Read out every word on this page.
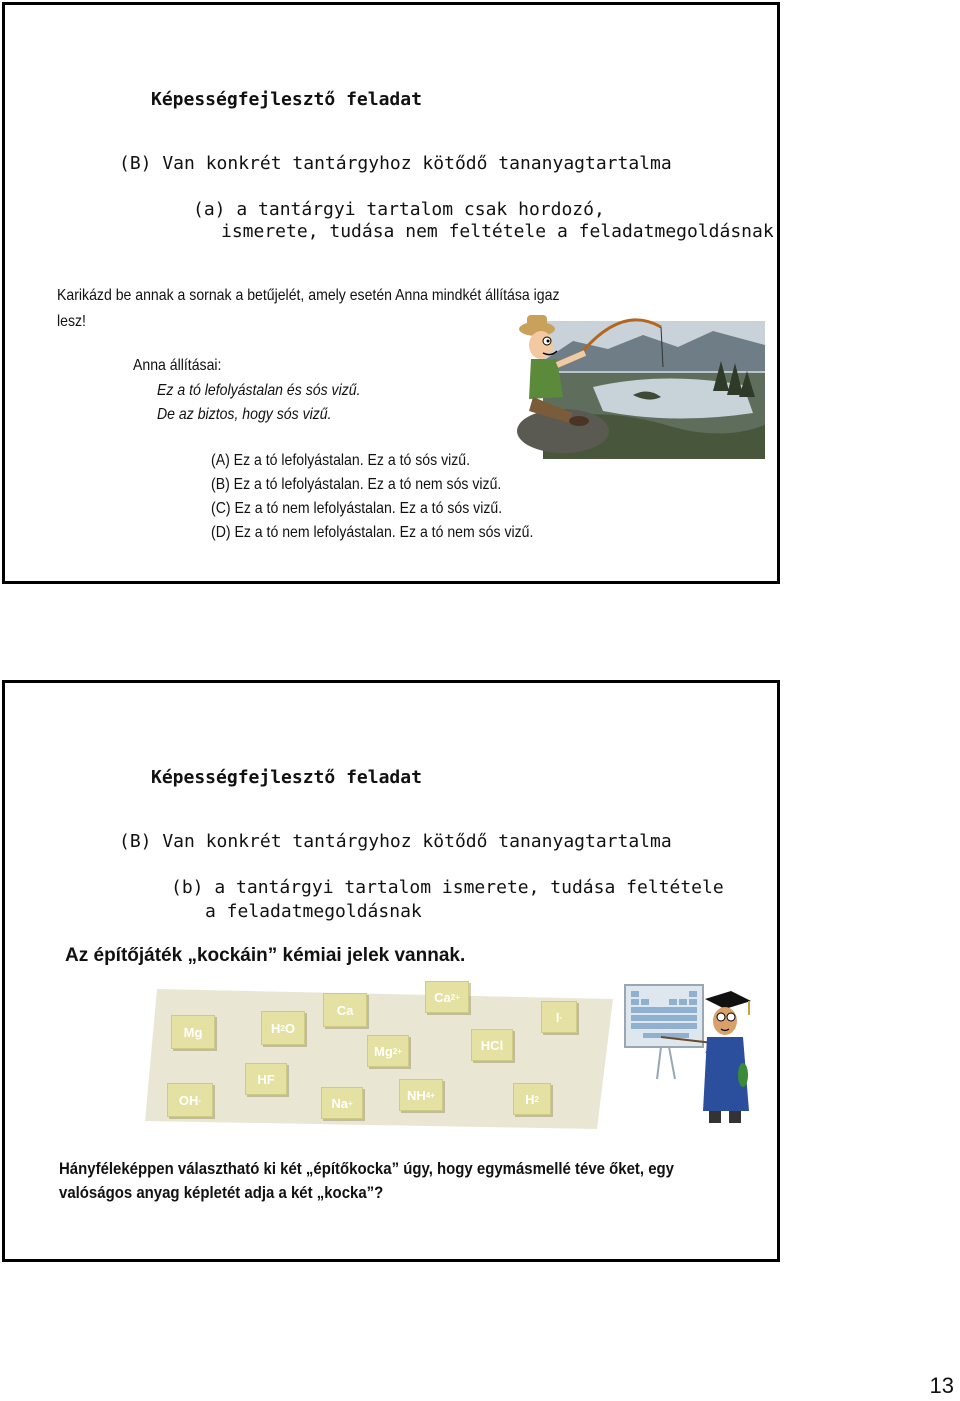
Képességfejlesztő feladat
(B) Van konkrét tantárgyhoz kötődő tananyagtartalma
(a) a tantárgyi tartalom csak hordozó,
ismerete, tudása nem feltétele a feladatmegoldásnak
Karikázd be annak a sornak a betűjelét, amely esetén Anna mindkét állítása igaz
lesz!
Anna állításai:
Ez a tó lefolyástalan és sós vizű.
De az biztos, hogy sós vizű.
(A) Ez a tó lefolyástalan. Ez a tó sós vizű.
(B) Ez a tó lefolyástalan. Ez a tó nem sós vizű.
(C) Ez a tó nem lefolyástalan. Ez a tó sós vizű.
(D) Ez a tó nem lefolyástalan. Ez a tó nem sós vizű.
Képességfejlesztő feladat
(B) Van konkrét tantárgyhoz kötődő tananyagtartalma
(b) a tantárgyi tartalom ismerete, tudása feltétele
a feladatmegoldásnak
Az építőjáték „kockáin” kémiai jelek vannak.
Mg	H 2 O
Ca
Ca 2+
Mg 2+	HCl
I -
HF
OH -	Na +
NH 4 +	H 2
Hányféleképpen választható ki két „építőkocka” úgy, hogy egymásmellé téve őket, egy
valóságos anyag képletét adja a két „kocka”?
13
